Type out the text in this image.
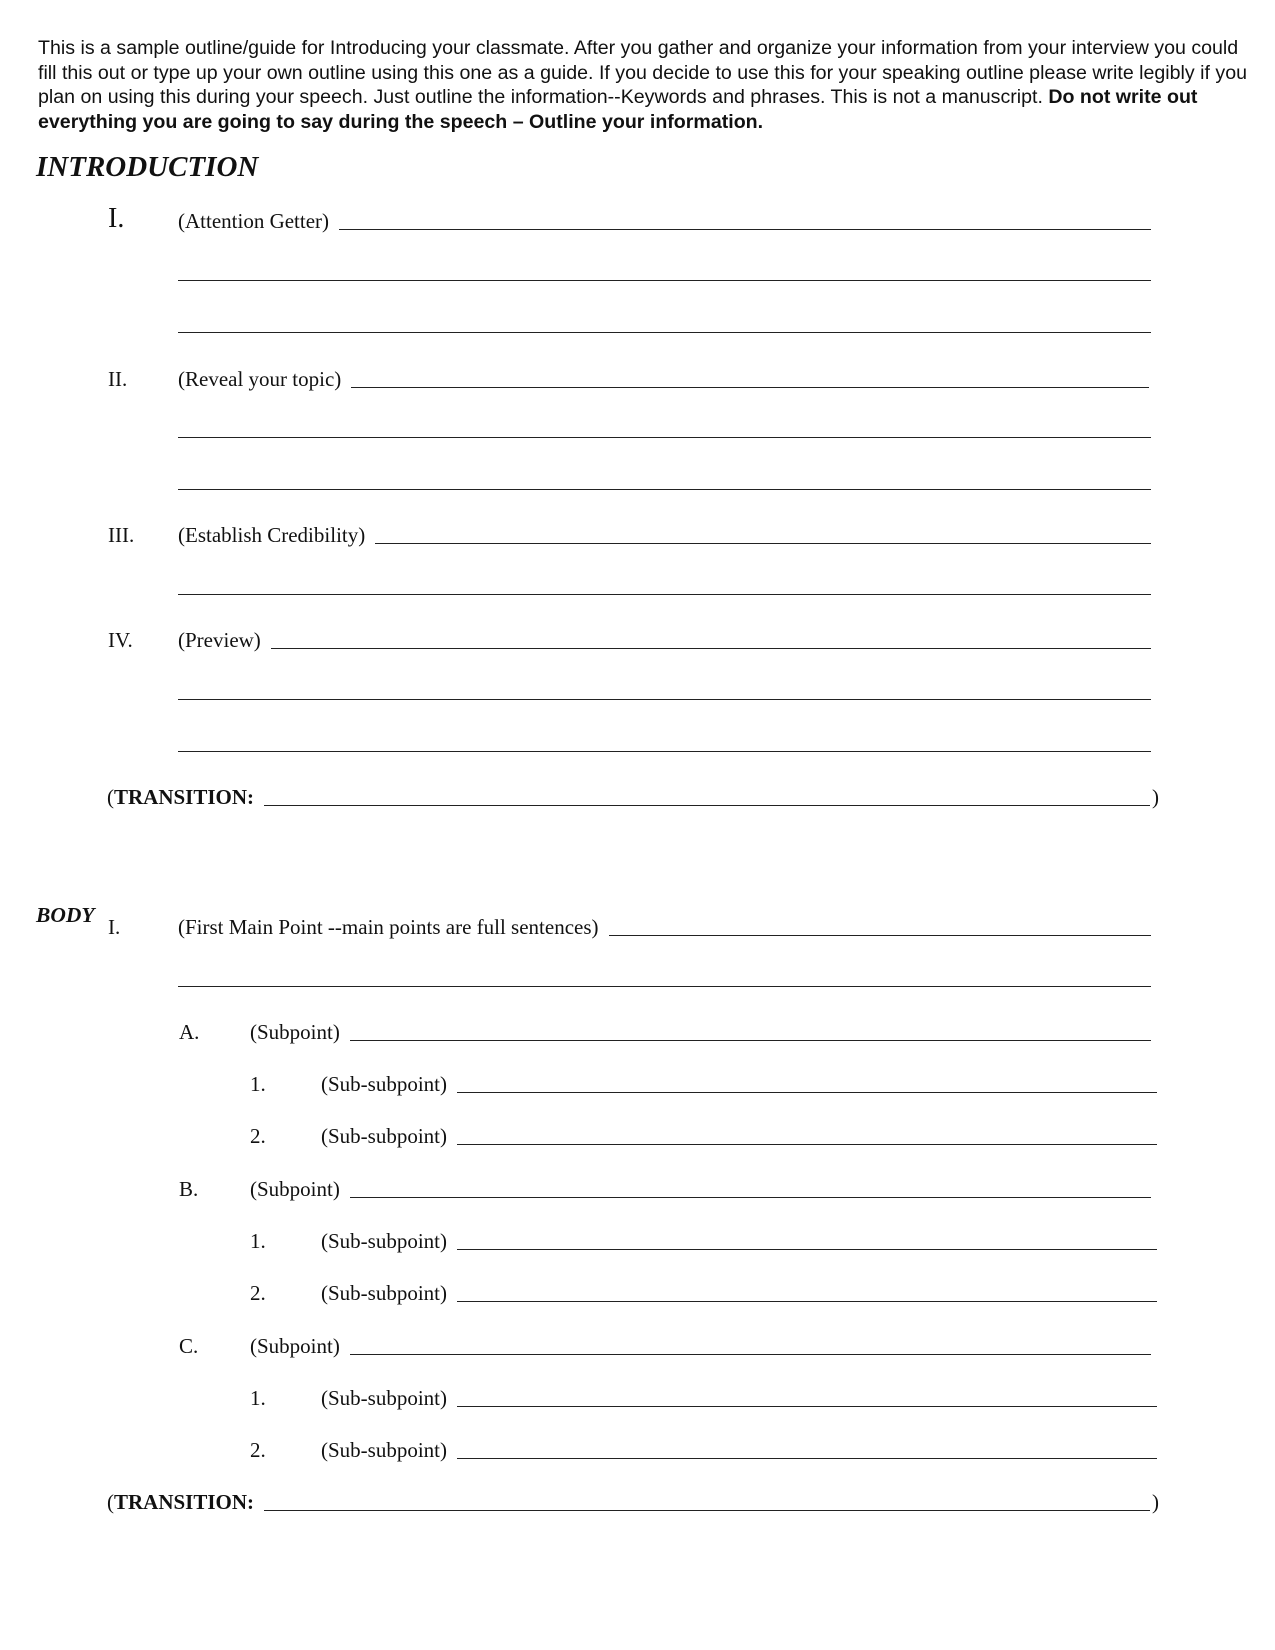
This is a sample outline/guide for Introducing your classmate. After you gather and organize your information from your interview you could fill this out or type up your own outline using this one as a guide. If you decide to use this for your speaking outline please write legibly if you plan on using this during your speech. Just outline the information--Keywords and phrases. This is not a manuscript. Do not write out everything you are going to say during the speech – Outline your information.

INTRODUCTION
I.	(Attention Getter)
II. (Reveal your topic)
III. (Establish Credibility)
IV. (Preview)
( TRANSITION:	)
BODY I.	(First Main Point --main points are full sentences)
A. (Subpoint)
1.	(Sub-subpoint)
2.	(Sub-subpoint)
B. (Subpoint)
1.	(Sub-subpoint)
2.	(Sub-subpoint)
C. (Subpoint)
1.	(Sub-subpoint)
2.	(Sub-subpoint)
( TRANSITION:	)
